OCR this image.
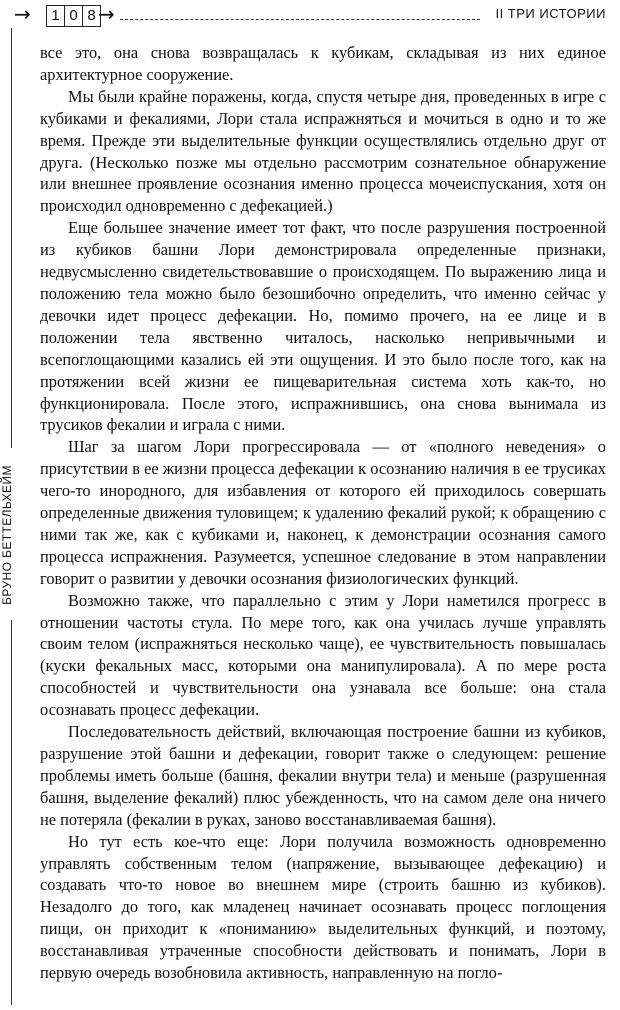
→	1 0 8 →	II ТРИ ИСТОРИИ
БРУНО БЕТТЕЛЬХЕЙМ

все это, она снова возвращалась к кубикам, складывая из них единое архитектурное сооружение.

Мы были крайне поражены, когда, спустя четыре дня, проведенных в игре с кубиками и фекалиями, Лори стала испражняться и мочиться в одно и то же время. Прежде эти выделительные функции осуществлялись отдельно друг от друга. (Несколько позже мы отдельно рассмотрим сознательное обнаружение или внешнее проявление осознания именно процесса мочеиспускания, хотя он происходил одновременно с дефекацией.)

Еще большее значение имеет тот факт, что после разрушения построенной из кубиков башни Лори демонстрировала определенные признаки, недвусмысленно свидетельствовавшие о происходящем. По выражению лица и положению тела можно было безошибочно определить, что именно сейчас у девочки идет процесс дефекации. Но, помимо прочего, на ее лице и в положении тела явственно читалось, насколько непривычными и всепоглощающими казались ей эти ощущения. И это было после того, как на протяжении всей жизни ее пищеварительная система хоть как-то, но функционировала. После этого, испражнившись, она снова вынимала из трусиков фекалии и играла с ними.

Шаг за шагом Лори прогрессировала — от «полного неведения» о присутствии в ее жизни процесса дефекации к осознанию наличия в ее трусиках чего-то инородного, для избавления от которого ей приходилось совершать определенные движения туловищем; к удалению фекалий рукой; к обращению с ними так же, как с кубиками и, наконец, к демонстрации осознания самого процесса испражнения. Разумеется, успешное следование в этом направлении говорит о развитии у девочки осознания физиологических функций.

Возможно также, что параллельно с этим у Лори наметился прогресс в отношении частоты стула. По мере того, как она училась лучше управлять своим телом (испражняться несколько чаще), ее чувствительность повышалась (куски фекальных масс, которыми она манипулировала). А по мере роста способностей и чувствительности она узнавала все больше: она стала осознавать процесс дефекации.

Последовательность действий, включающая построение башни из кубиков, разрушение этой башни и дефекации, говорит также о следующем: решение проблемы иметь больше (башня, фекалии внутри тела) и меньше (разрушенная башня, выделение фекалий) плюс убежденность, что на самом деле она ничего не потеряла (фекалии в руках, заново восстанавливаемая башня).

Но тут есть кое-что еще: Лори получила возможность одновременно управлять собственным телом (напряжение, вызывающее дефекацию) и создавать что-то новое во внешнем мире (строить башню из кубиков). Незадолго до того, как младенец начинает осознавать процесс поглощения пищи, он приходит к «пониманию» выделительных функций, и поэтому, восстанавливая утраченные способности действовать и понимать, Лори в первую очередь возобновила активность, направленную на погло-
